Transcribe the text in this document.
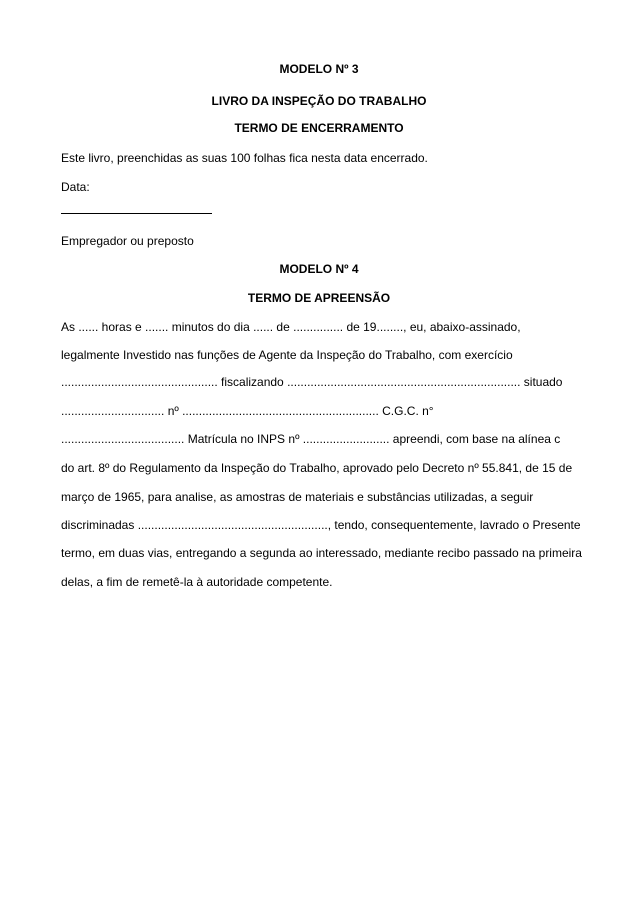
MODELO Nº 3
LIVRO DA INSPEÇÃO DO TRABALHO
TERMO DE ENCERRAMENTO
Este livro, preenchidas as suas 100 folhas fica nesta data encerrado.
Data:
Empregador ou preposto
MODELO Nº 4
TERMO DE APREENSÃO
As ...... horas e ....... minutos do dia ...... de ............... de 19........, eu, abaixo-assinado,
legalmente Investido nas funções de Agente da Inspeção do Trabalho, com exercício
............................................... fiscalizando ...................................................................... situado
............................... nº ........................................................... C.G.C. n°
..................................... Matrícula no INPS nº .......................... apreendi, com base na alínea c
do art. 8º do Regulamento da Inspeção do Trabalho, aprovado pelo Decreto nº 55.841, de 15 de
março de 1965, para analise, as amostras de materiais e substâncias utilizadas, a seguir
discriminadas ........................................................., tendo, consequentemente, lavrado o Presente
termo, em duas vias, entregando a segunda ao interessado, mediante recibo passado na primeira
delas, a fim de remetê-la à autoridade competente.
